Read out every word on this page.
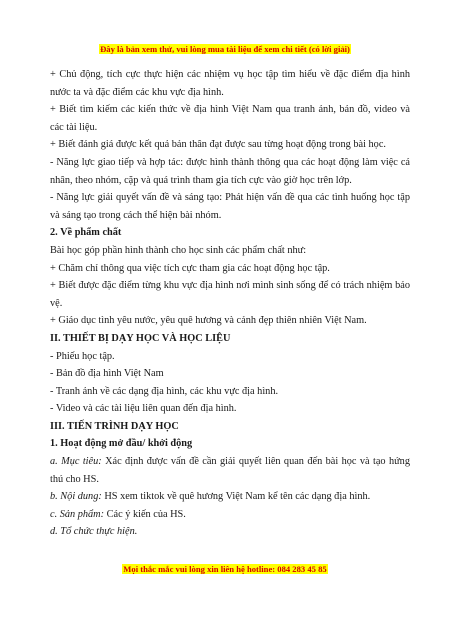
Đây là bản xem thử, vui lòng mua tài liệu để xem chi tiết (có lời giải)

+ Chủ động, tích cực thực hiện các nhiệm vụ học tập tìm hiểu về đặc điểm địa hình nước ta và đặc điểm các khu vực địa hình.

+ Biết tìm kiếm các kiến thức về địa hình Việt Nam qua tranh ảnh, bản đồ, video và các tài liệu.

+ Biết đánh giá được kết quả bản thân đạt được sau từng hoạt động trong bài học.

- Năng lực giao tiếp và hợp tác: được hình thành thông qua các hoạt động làm việc cá nhân, theo nhóm, cặp và quá trình tham gia tích cực vào giờ học trên lớp.

- Năng lực giải quyết vấn đề và sáng tạo: Phát hiện vấn đề qua các tình huống học tập và sáng tạo trong cách thể hiện bài nhóm.

2. Về phẩm chất

Bài học góp phần hình thành cho học sinh các phẩm chất như:

+ Chăm chỉ thông qua việc tích cực tham gia các hoạt động học tập.

+ Biết được đặc điểm từng khu vực địa hình nơi mình sinh sống để có trách nhiệm bảo vệ.

+ Giáo dục tình yêu nước, yêu quê hương và cảnh đẹp thiên nhiên Việt Nam.

II. THIẾT BỊ DẠY HỌC VÀ HỌC LIỆU

- Phiếu học tập.

- Bản đồ địa hình Việt Nam

- Tranh ảnh về các dạng địa hình, các khu vực địa hình.

- Video và các tài liệu liên quan đến địa hình.

III. TIẾN TRÌNH DẠY HỌC

1. Hoạt động mở đầu/ khởi động

a. Mục tiêu: Xác định được vấn đề cần giải quyết liên quan đến bài học và tạo hứng thú cho HS.

b. Nội dung: HS xem tiktok về quê hương Việt Nam kể tên các dạng địa hình.

c. Sản phẩm: Các ý kiến của HS.

d. Tổ chức thực hiện.

Mọi thắc mắc vui lòng xin liên hệ hotline: 084 283 45 85
